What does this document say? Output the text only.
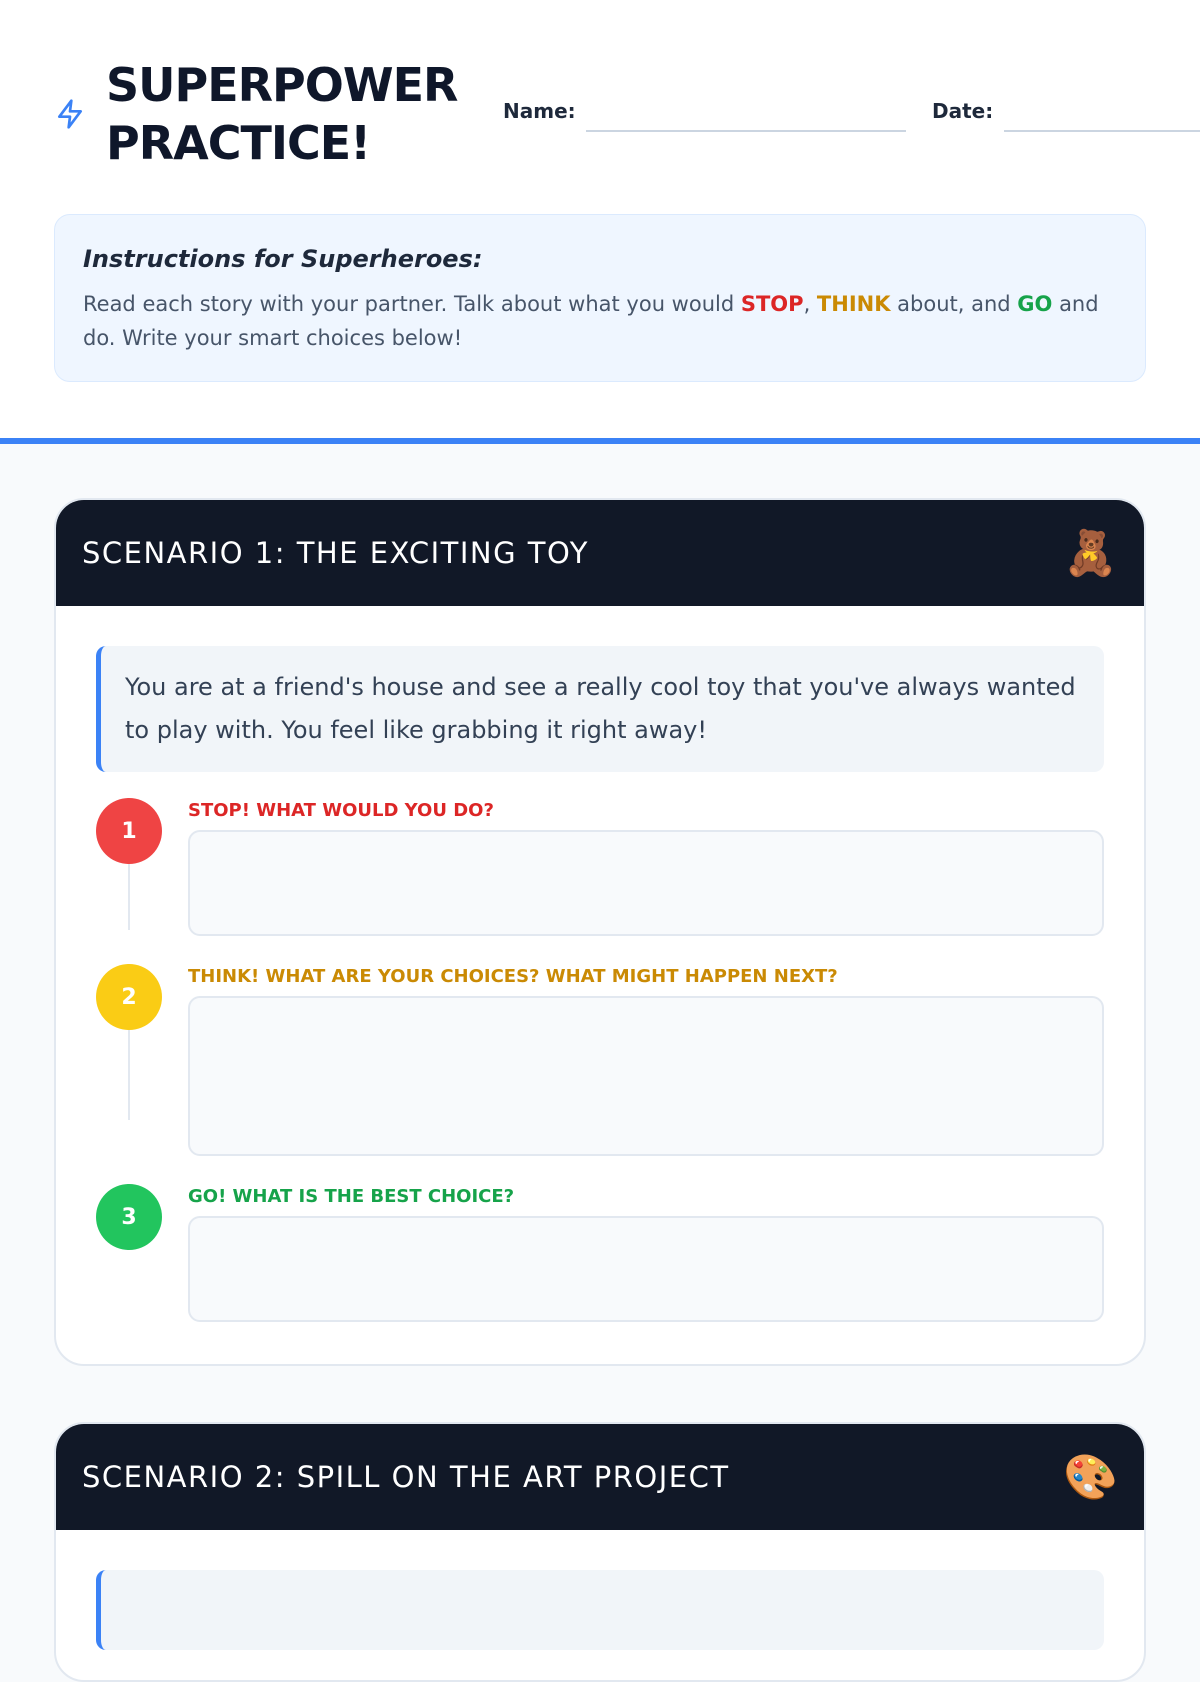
SUPERPOWER
PRACTICE!
Name:	Date:
Instructions for Superheroes:
Read each story with your partner. Talk about what you would STOP, THINK about, and GO and do. Write your smart choices below!
SCENARIO 1: THE EXCITING TOY	🧸
You are at a friend's house and see a really cool toy that you've always wanted to play with. You feel like grabbing it right away!
1
STOP! WHAT WOULD YOU DO?
2
THINK! WHAT ARE YOUR CHOICES? WHAT MIGHT HAPPEN NEXT?
3
GO! WHAT IS THE BEST CHOICE?
SCENARIO 2: SPILL ON THE ART PROJECT	🎨
